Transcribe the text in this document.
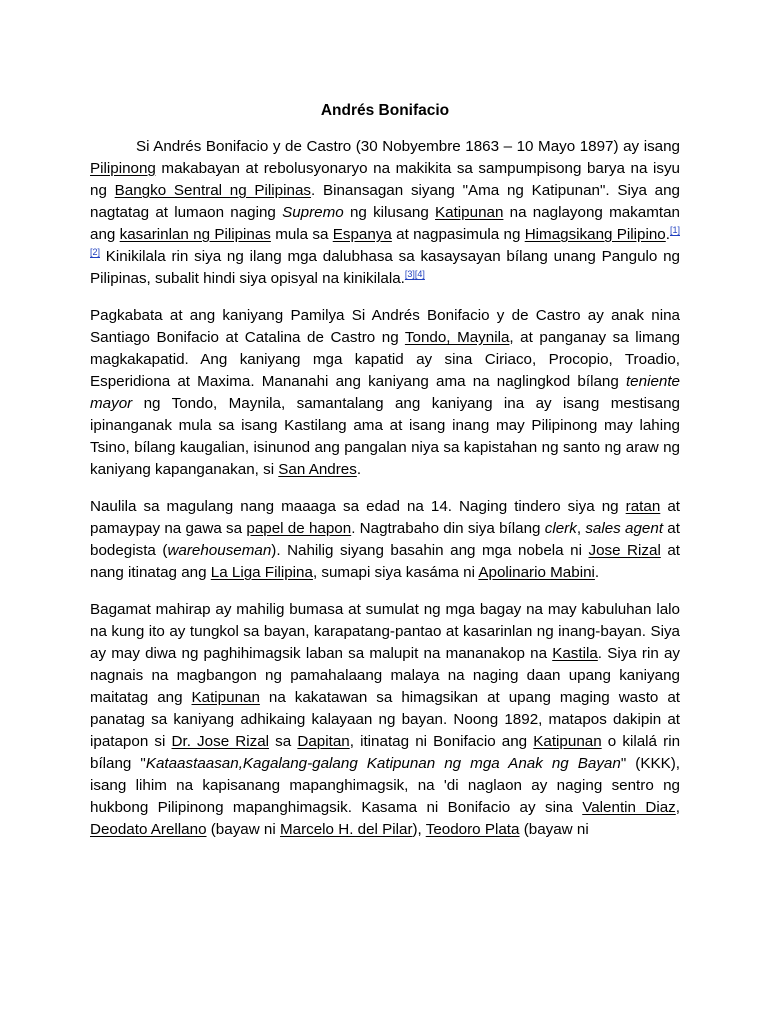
Andrés Bonifacio

Si Andrés Bonifacio y de Castro (30 Nobyembre 1863 – 10 Mayo 1897) ay isang Pilipinong makabayan at rebolusyonaryo na makikita sa sampumpisong barya na isyu ng Bangko Sentral ng Pilipinas. Binansagan siyang "Ama ng Katipunan". Siya ang nagtatag at lumaon naging Supremo ng kilusang Katipunan na naglayong makamtan ang kasarinlan ng Pilipinas mula sa Espanya at nagpasimula ng Himagsikang Pilipino.[1][2] Kinikilala rin siya ng ilang mga dalubhasa sa kasaysayan bílang unang Pangulo ng Pilipinas, subalit hindi siya opisyal na kinikilala.[3][4]

Pagkabata at ang kaniyang Pamilya Si Andrés Bonifacio y de Castro ay anak nina Santiago Bonifacio at Catalina de Castro ng Tondo, Maynila, at panganay sa limang magkakapatid. Ang kaniyang mga kapatid ay sina Ciriaco, Procopio, Troadio, Esperidiona at Maxima. Mananahi ang kaniyang ama na naglingkod bílang teniente mayor ng Tondo, Maynila, samantalang ang kaniyang ina ay isang mestisang ipinanganak mula sa isang Kastilang ama at isang inang may Pilipinong may lahing Tsino, bílang kaugalian, isinunod ang pangalan niya sa kapistahan ng santo ng araw ng kaniyang kapanganakan, si San Andres.

Naulila sa magulang nang maaaga sa edad na 14. Naging tindero siya ng ratan at pamaypay na gawa sa papel de hapon. Nagtrabaho din siya bílang clerk, sales agent at bodegista (warehouseman). Nahilig siyang basahin ang mga nobela ni Jose Rizal at nang itinatag ang La Liga Filipina, sumapi siya kasáma ni Apolinario Mabini.

Bagamat mahirap ay mahilig bumasa at sumulat ng mga bagay na may kabuluhan lalo na kung ito ay tungkol sa bayan, karapatang-pantao at kasarinlan ng inang-bayan. Siya ay may diwa ng paghihimagsik laban sa malupit na mananakop na Kastila. Siya rin ay nagnais na magbangon ng pamahalaang malaya na naging daan upang kaniyang maitatag ang Katipunan na kakatawan sa himagsikan at upang maging wasto at panatag sa kaniyang adhikaing kalayaan ng bayan. Noong 1892, matapos dakipin at ipatapon si Dr. Jose Rizal sa Dapitan, itinatag ni Bonifacio ang Katipunan o kilalá rin bílang "Kataastaasan,Kagalang-galang Katipunan ng mga Anak ng Bayan" (KKK), isang lihim na kapisanang mapanghimagsik, na 'di naglaon ay naging sentro ng hukbong Pilipinong mapanghimagsik. Kasama ni Bonifacio ay sina Valentin Diaz, Deodato Arellano (bayaw ni Marcelo H. del Pilar), Teodoro Plata (bayaw ni
